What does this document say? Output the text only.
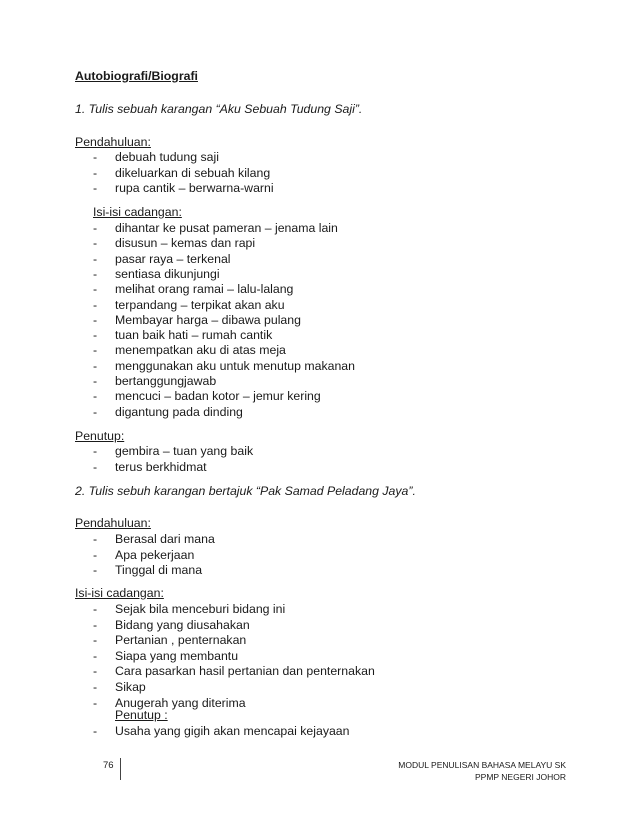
Autobiografi/Biografi
1. Tulis sebuah karangan “Aku Sebuah Tudung Saji”.
Pendahuluan:
- debuah tudung saji
- dikeluarkan di sebuah kilang
- rupa cantik – berwarna-warni
Isi-isi cadangan:
- dihantar ke pusat pameran – jenama lain
- disusun – kemas dan rapi
- pasar raya – terkenal
- sentiasa dikunjungi
- melihat orang ramai – lalu-lalang
- terpandang – terpikat akan aku
- Membayar harga – dibawa pulang
- tuan baik hati – rumah cantik
- menempatkan aku di atas meja
- menggunakan aku untuk menutup makanan
- bertanggungjawab
- mencuci – badan kotor – jemur kering
- digantung pada dinding
Penutup:
- gembira – tuan yang baik
- terus berkhidmat
2. Tulis sebuh karangan bertajuk “Pak Samad Peladang Jaya”.
Pendahuluan:
- Berasal dari mana
- Apa pekerjaan
- Tinggal di mana
Isi-isi cadangan:
- Sejak bila menceburi bidang ini
- Bidang yang diusahakan
- Pertanian , penternakan
- Siapa yang membantu
- Cara pasarkan hasil pertanian dan penternakan
- Sikap
- Anugerah yang diterima
Penutup :
- Usaha yang gigih akan mencapai kejayaan
76	MODUL PENULISAN BAHASA MELAYU SK
PPMP NEGERI JOHOR
